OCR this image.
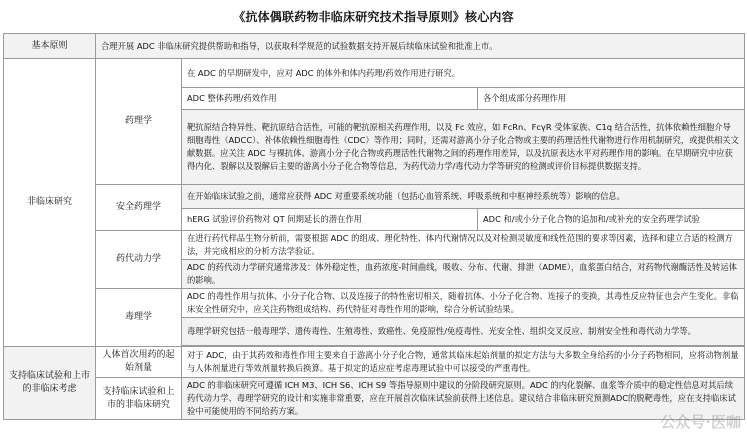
《抗体偶联药物非临床研究技术指导原则》核心内容
基本原则	合理开展 ADC 非临床研究提供帮助和指导，以获取科学规范的试验数据支持开展后续临床试验和批准上市。		
非临床研究	药理学	在 ADC 的早期研发中，应对 ADC 的体外和体内药理/药效作用进行研究。	
		ADC 整体药理/药效作用	各个组成部分药理作用
		靶抗原结合特异性、靶抗原结合活性，可能的靶抗原相关药理作用，以及 Fc 效应，如 FcRn、FcγR 受体家族、C1q 结合活性，抗体依赖性细胞介导细胞毒性（ADCC）、补体依赖性细胞毒性（CDC）等作用；同时，还需对游离小分子化合物或主要的药理活性代谢物进行作用机制研究，或提供相关文献数据。应关注 ADC 与裸抗体、游离小分子化合物或药理活性代谢物之间的药理作用差异，以及抗原表达水平对药理作用的影响。在早期研究中应获得内化、裂解以及裂解后主要的游离小分子化合物等信息，为药代动力学/毒代动力学等研究的检测或评价目标提供数据支持。	
	安全药理学	在开始临床试验之前，通常应获得 ADC 对重要系统功能（包括心血管系统、呼吸系统和中枢神经系统等）影响的信息。	
		hERG 试验评价药物对 QT 间期延长的潜在作用	ADC 和/或小分子化合物的追加和/或补充的安全药理学试验
	药代动力学	在进行药代样品生物分析前，需要根据 ADC 的组成、理化特性、体内代谢情况以及对检测灵敏度和线性范围的要求等因素，选择和建立合适的检测方法，并完成相应的分析方法学验证。	
		ADC 的药代动力学研究通常涉及：体外稳定性，血药浓度-时间曲线，吸收、分布、代谢、排泄（ADME），血浆蛋白结合，对药物代谢酶活性及转运体的影响。	
	毒理学	ADC 的毒性作用与抗体、小分子化合物、以及连接子的特性密切相关，随着抗体、小分子化合物、连接子的变换，其毒性反应特征也会产生变化。非临床安全性研究中，应关注药物组成结构、药代特征对毒性作用的影响，综合分析试验结果。	
		毒理学研究包括一般毒理学、遗传毒性、生殖毒性、致癌性、免疫原性/免疫毒性、光安全性、组织交叉反应、制剂安全性和毒代动力学等。	

支持临床试验和上市的非临床考虑	人体首次用药的起始剂量	对于 ADC，由于其药效和毒性作用主要来自于游离小分子化合物，通常其临床起始剂量的拟定方法与大多数全身给药的小分子药物相同，应将动物剂量与人体剂量进行等效剂量转换后换算。基于拟定的适应症考虑毒理试验中可以接受的严重毒性。	
	支持临床试验和上市的非临床研究	ADC 的非临床研究可遵循 ICH M3、ICH S6、ICH S9 等指导原则中建议的分阶段研究原则。ADC 的内化裂解、血浆等介质中的稳定性信息对其后续药代动力学、毒理学研究的设计和实施非常重要，应在开展首次临床试验前获得上述信息。建议结合非临床研究预测ADC的脱靶毒性，应在支持临床试验中可能使用的不同给药方案。	
公众号·医咖
